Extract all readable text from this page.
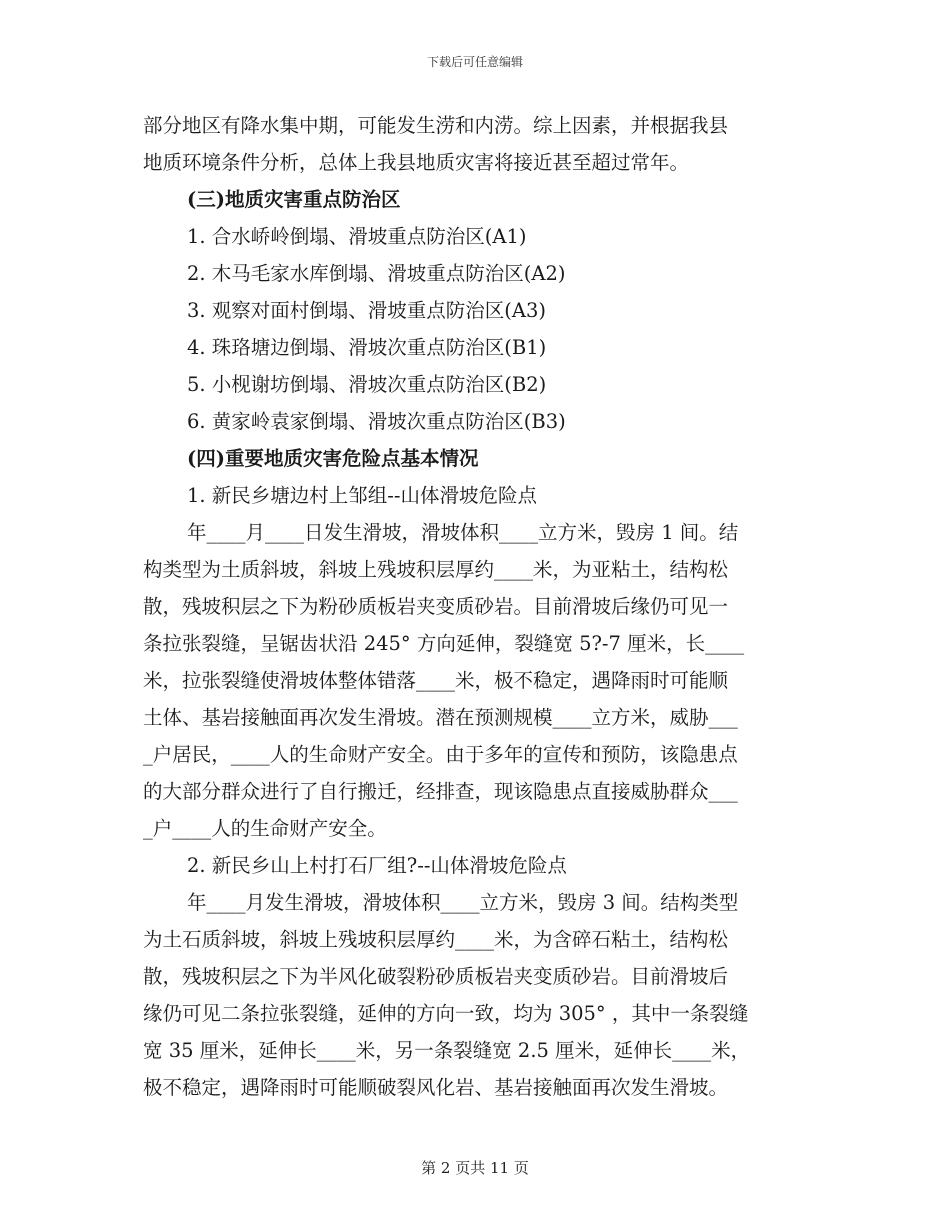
下载后可任意编辑

部分地区有降水集中期，可能发生涝和内涝。综上因素，并根据我县

地质环境条件分析，总体上我县地质灾害将接近甚至超过常年。

(三)地质灾害重点防治区

1. 合水峤岭倒塌、滑坡重点防治区(A1)

2. 木马毛家水库倒塌、滑坡重点防治区(A2)

3. 观察对面村倒塌、滑坡重点防治区(A3)

4. 珠珞塘边倒塌、滑坡次重点防治区(B1)

5. 小枧谢坊倒塌、滑坡次重点防治区(B2)

6. 黄家岭袁家倒塌、滑坡次重点防治区(B3)

(四)重要地质灾害危险点基本情况

1. 新民乡塘边村上邹组--山体滑坡危险点

年____月____日发生滑坡，滑坡体积____立方米，毁房 1 间。结

构类型为土质斜坡，斜坡上残坡积层厚约____米，为亚粘土，结构松

散，残坡积层之下为粉砂质板岩夹变质砂岩。目前滑坡后缘仍可见一

条拉张裂缝，呈锯齿状沿 245° 方向延伸，裂缝宽 5?-7 厘米，长____

米，拉张裂缝使滑坡体整体错落____米，极不稳定，遇降雨时可能顺

土体、基岩接触面再次发生滑坡。潜在预测规模____立方米，威胁___

_户居民，____人的生命财产安全。由于多年的宣传和预防，该隐患点

的大部分群众进行了自行搬迁，经排查，现该隐患点直接威胁群众___

_户____人的生命财产安全。

2. 新民乡山上村打石厂组?--山体滑坡危险点

年____月发生滑坡，滑坡体积____立方米，毁房 3 间。结构类型

为土石质斜坡，斜坡上残坡积层厚约____米，为含碎石粘土，结构松

散，残坡积层之下为半风化破裂粉砂质板岩夹变质砂岩。目前滑坡后

缘仍可见二条拉张裂缝，延伸的方向一致，均为 305° ，其中一条裂缝

宽 35 厘米，延伸长____米，另一条裂缝宽 2.5 厘米，延伸长____米，

极不稳定，遇降雨时可能顺破裂风化岩、基岩接触面再次发生滑坡。

第 2 页共 11 页
